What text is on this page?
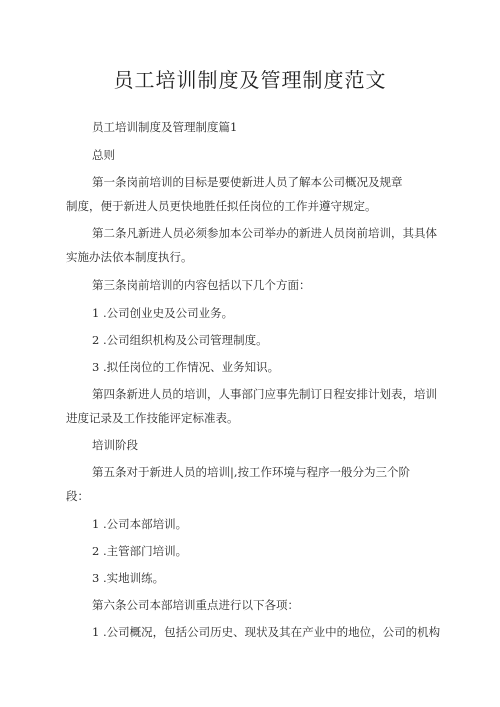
员工培训制度及管理制度范文
员工培训制度及管理制度篇1
总则
第一条岗前培训的目标是要使新进人员了解本公司概况及规章
制度，便于新进人员更快地胜任拟任岗位的工作并遵守规定。
第二条凡新进人员必须参加本公司举办的新进人员岗前培训，其具体
实施办法依本制度执行。
第三条岗前培训的内容包括以下几个方面：
1 .公司创业史及公司业务。
2 .公司组织机构及公司管理制度。
3 .拟任岗位的工作情况、业务知识。
第四条新进人员的培训，人事部门应事先制订日程安排计划表，培训
进度记录及工作技能评定标准表。
培训阶段
第五条对于新进人员的培训|,按工作环境与程序一般分为三个阶
段：
1 .公司本部培训。
2 .主管部门培训。
3 .实地训练。
第六条公司本部培训重点进行以下各项：
1 .公司概况，包括公司历史、现状及其在产业中的地位，公司的机构
